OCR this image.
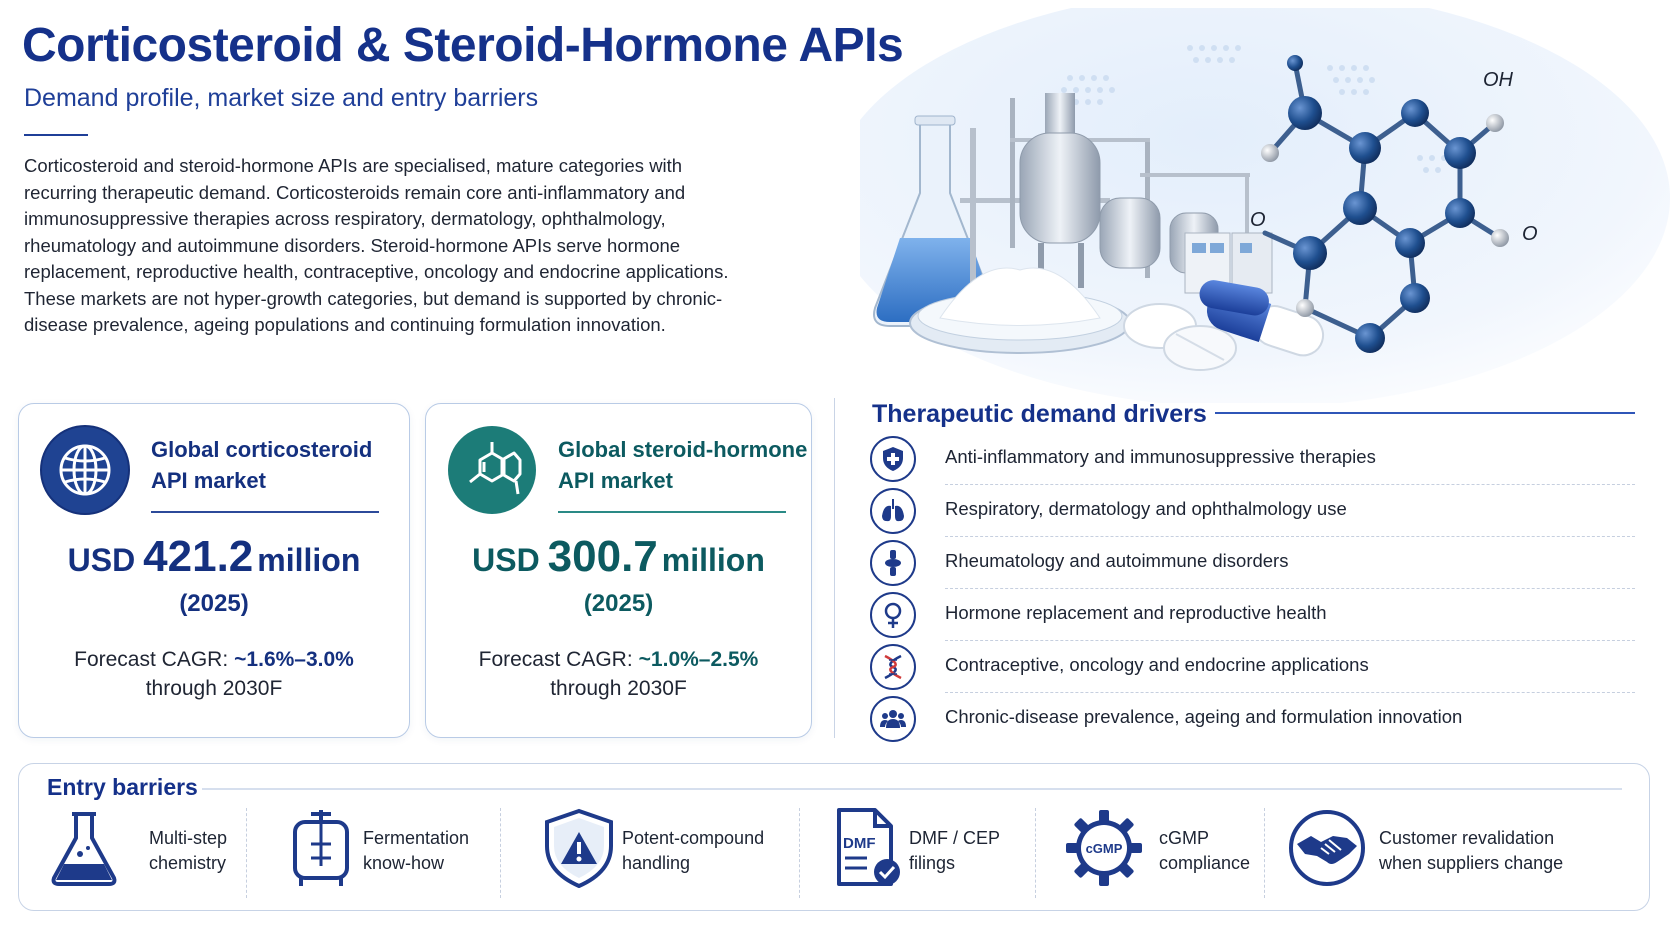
Corticosteroid & Steroid-Hormone APIs
Demand profile, market size and entry barriers
Corticosteroid and steroid-hormone APIs are specialised, mature categories with recurring therapeutic demand. Corticosteroids remain core anti-inflammatory and immunosuppressive therapies across respiratory, dermatology, ophthalmology, rheumatology and autoimmune disorders. Steroid-hormone APIs serve hormone replacement, reproductive health, contraceptive, oncology and endocrine applications. These markets are not hyper-growth categories, but demand is supported by chronic-disease prevalence, ageing populations and continuing formulation innovation.
OH
O
O
Global corticosteroid
API market
USD 421.2 million
(2025)
Forecast CAGR: ~1.6%–3.0%
through 2030F
Global steroid-hormone
API market
USD 300.7 million
(2025)
Forecast CAGR: ~1.0%–2.5%
through 2030F
Therapeutic demand drivers
Anti-inflammatory and immunosuppressive therapies
Respiratory, dermatology and ophthalmology use
Rheumatology and autoimmune disorders
Hormone replacement and reproductive health
Contraceptive, oncology and endocrine applications
Chronic-disease prevalence, ageing and formulation innovation
Entry barriers
Multi-step
chemistry
Fermentation
know-how
Potent-compound
handling
DMF DMF / CEP
filings
cGMP
cGMP
compliance
Customer revalidation
when suppliers change
